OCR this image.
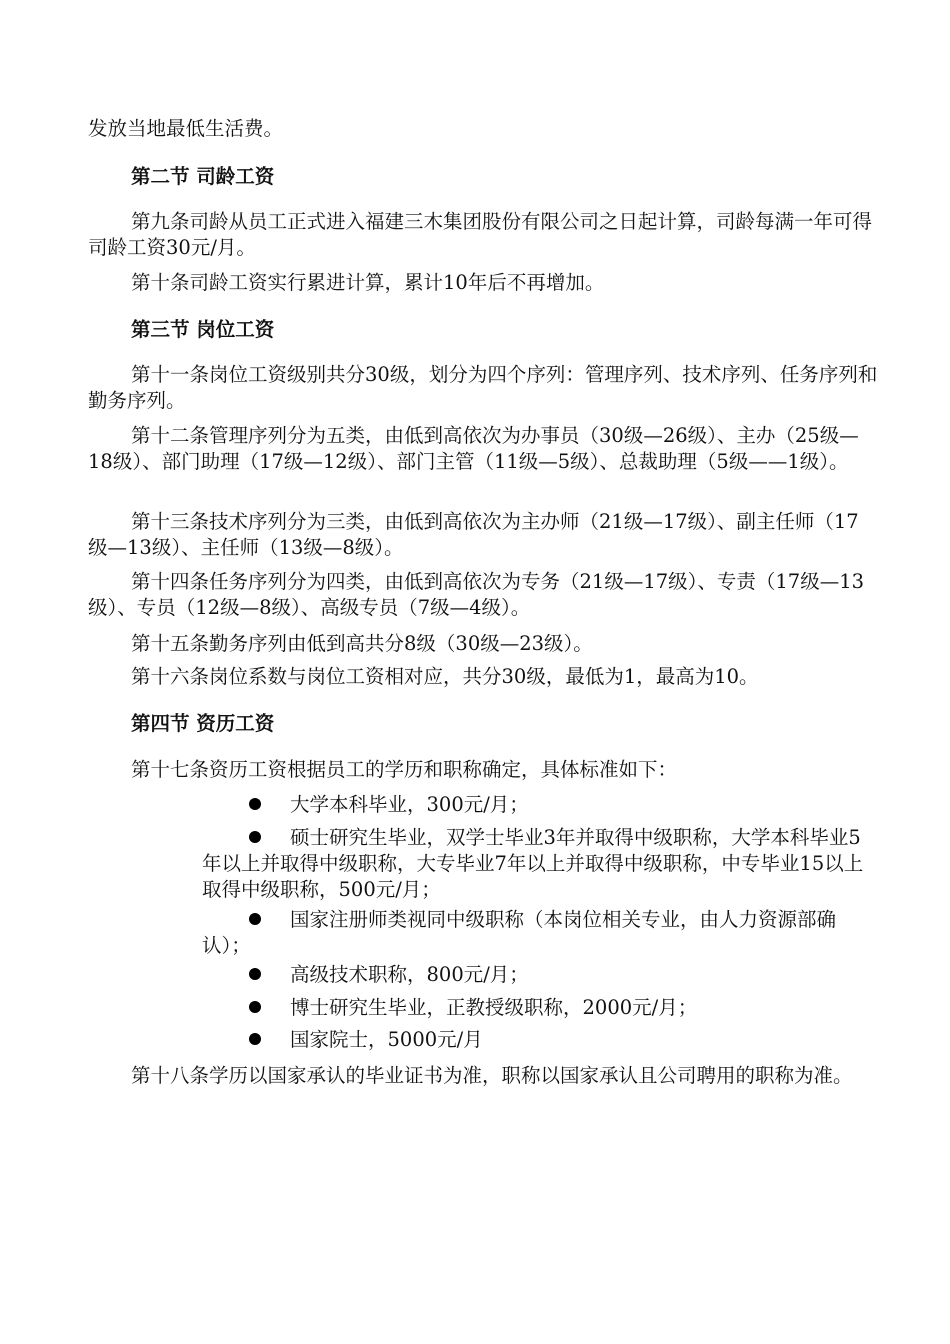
发放当地最低生活费。

第二节 司龄工资

第九条司龄从员工正式进入福建三木集团股份有限公司之日起计算，司龄每满一年可得司龄工资30元/月。

第十条司龄工资实行累进计算，累计10年后不再增加。

第三节 岗位工资

第十一条岗位工资级别共分30级，划分为四个序列：管理序列、技术序列、任务序列和勤务序列。

第十二条管理序列分为五类，由低到高依次为办事员（30级—26级）、主办（25级—18级）、部门助理（17级—12级）、部门主管（11级—5级）、总裁助理（5级——1级）。

第十三条技术序列分为三类，由低到高依次为主办师（21级—17级）、副主任师（17级—13级）、主任师（13级—8级）。

第十四条任务序列分为四类，由低到高依次为专务（21级—17级）、专责（17级—13级）、专员（12级—8级）、高级专员（7级—4级）。

第十五条勤务序列由低到高共分8级（30级—23级）。

第十六条岗位系数与岗位工资相对应，共分30级，最低为1，最高为10。

第四节 资历工资

第十七条资历工资根据员工的学历和职称确定，具体标准如下：

大学本科毕业，300元/月；

硕士研究生毕业，双学士毕业3年并取得中级职称，大学本科毕业5年以上并取得中级职称，大专毕业7年以上并取得中级职称，中专毕业15以上取得中级职称，500元/月；

国家注册师类视同中级职称（本岗位相关专业，由人力资源部确认）；

高级技术职称，800元/月；

博士研究生毕业，正教授级职称，2000元/月；

国家院士，5000元/月

第十八条学历以国家承认的毕业证书为准，职称以国家承认且公司聘用的职称为准。
